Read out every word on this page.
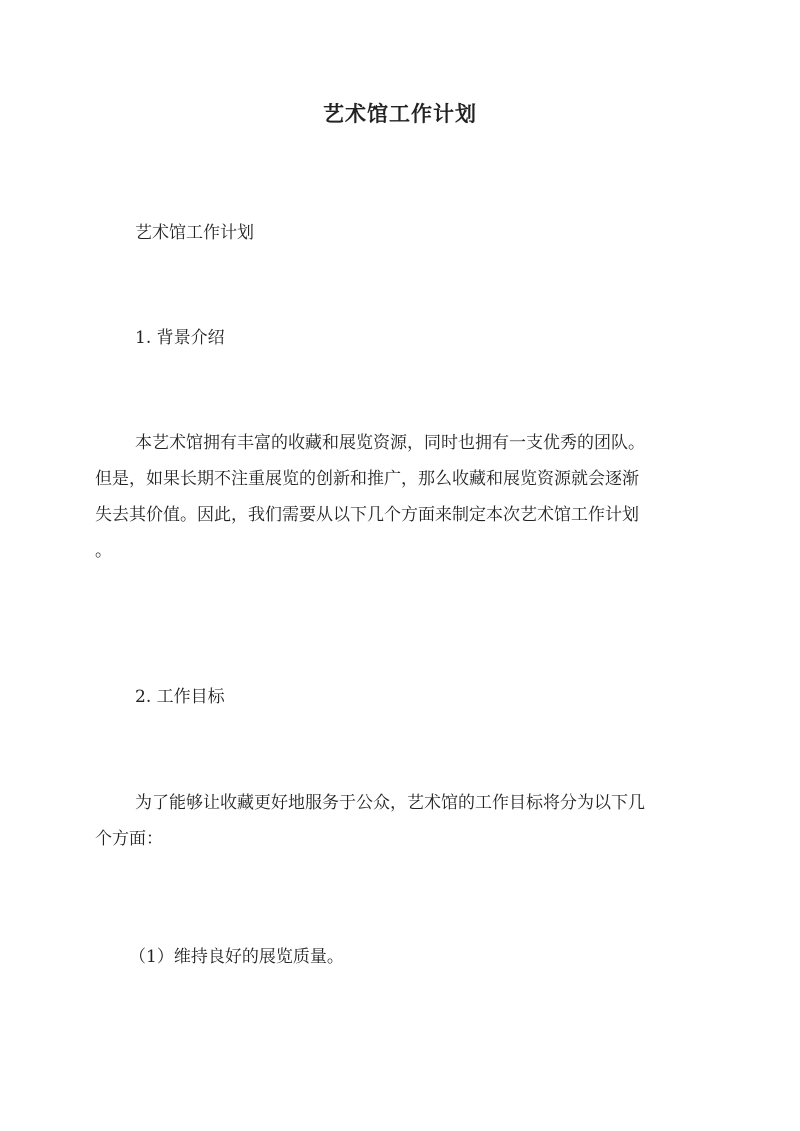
艺术馆工作计划

艺术馆工作计划

1. 背景介绍

本艺术馆拥有丰富的收藏和展览资源，同时也拥有一支优秀的团队。
但是，如果长期不注重展览的创新和推广，那么收藏和展览资源就会逐渐
失去其价值。因此，我们需要从以下几个方面来制定本次艺术馆工作计划
。

2. 工作目标

为了能够让收藏更好地服务于公众，艺术馆的工作目标将分为以下几
个方面：

（1）维持良好的展览质量。
